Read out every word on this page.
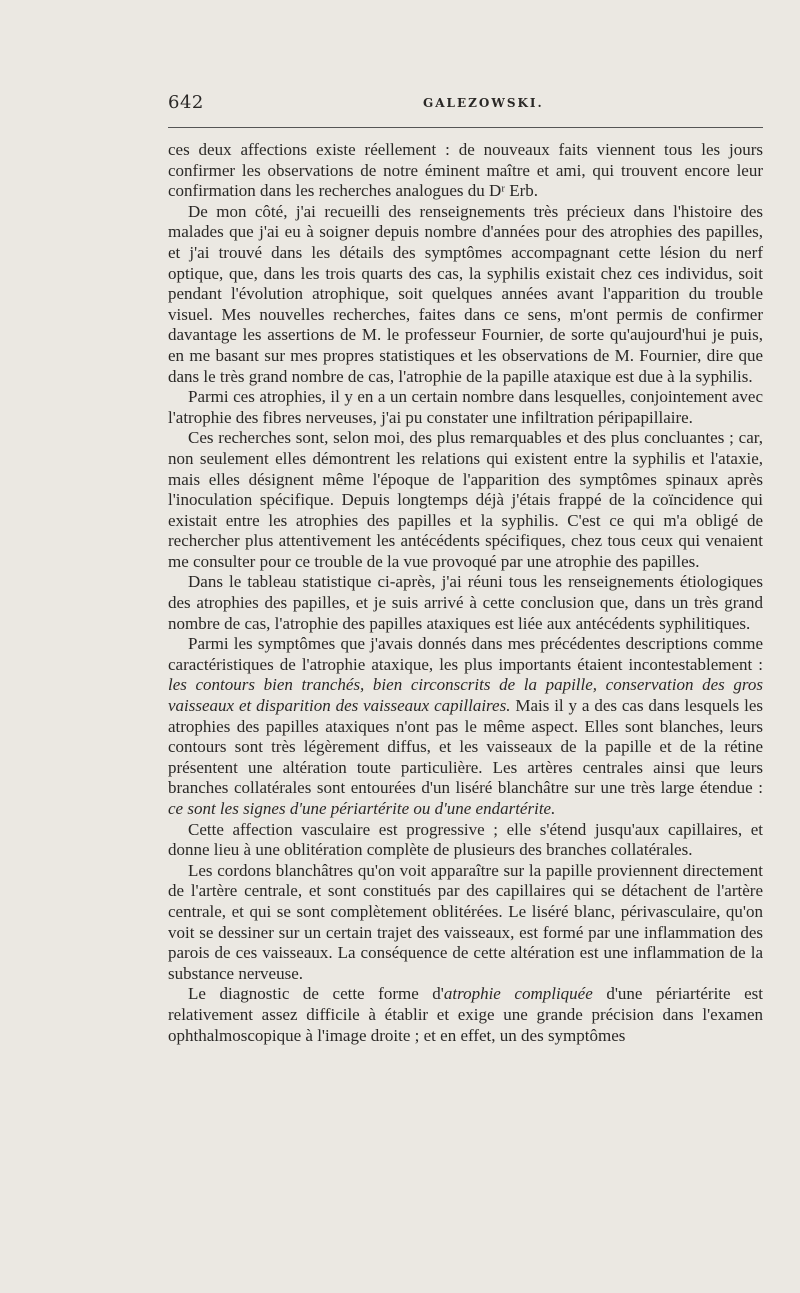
642	GALEZOWSKI.

ces deux affections existe réellement : de nouveaux faits viennent tous les jours confirmer les observations de notre éminent maître et ami, qui trouvent encore leur confirmation dans les recherches analogues du Dʳ Erb.

De mon côté, j'ai recueilli des renseignements très précieux dans l'histoire des malades que j'ai eu à soigner depuis nombre d'années pour des atrophies des papilles, et j'ai trouvé dans les détails des symptômes accompagnant cette lésion du nerf optique, que, dans les trois quarts des cas, la syphilis existait chez ces individus, soit pendant l'évolution atrophique, soit quelques années avant l'apparition du trouble visuel. Mes nouvelles recherches, faites dans ce sens, m'ont permis de confirmer davantage les assertions de M. le professeur Fournier, de sorte qu'aujourd'hui je puis, en me basant sur mes propres statistiques et les observations de M. Fournier, dire que dans le très grand nombre de cas, l'atrophie de la papille ataxique est due à la syphilis.

Parmi ces atrophies, il y en a un certain nombre dans lesquelles, conjointement avec l'atrophie des fibres nerveuses, j'ai pu constater une infiltration péripapillaire.

Ces recherches sont, selon moi, des plus remarquables et des plus concluantes ; car, non seulement elles démontrent les relations qui existent entre la syphilis et l'ataxie, mais elles désignent même l'époque de l'apparition des symptômes spinaux après l'inoculation spécifique. Depuis longtemps déjà j'étais frappé de la coïncidence qui existait entre les atrophies des papilles et la syphilis. C'est ce qui m'a obligé de rechercher plus attentivement les antécédents spécifiques, chez tous ceux qui venaient me consulter pour ce trouble de la vue provoqué par une atrophie des papilles.

Dans le tableau statistique ci-après, j'ai réuni tous les renseignements étiologiques des atrophies des papilles, et je suis arrivé à cette conclusion que, dans un très grand nombre de cas, l'atrophie des papilles ataxiques est liée aux antécédents syphilitiques.

Parmi les symptômes que j'avais donnés dans mes précédentes descriptions comme caractéristiques de l'atrophie ataxique, les plus importants étaient incontestablement : les contours bien tranchés, bien circonscrits de la papille, conservation des gros vaisseaux et disparition des vaisseaux capillaires. Mais il y a des cas dans lesquels les atrophies des papilles ataxiques n'ont pas le même aspect. Elles sont blanches, leurs contours sont très légèrement diffus, et les vaisseaux de la papille et de la rétine présentent une altération toute particulière. Les artères centrales ainsi que leurs branches collatérales sont entourées d'un liséré blanchâtre sur une très large étendue : ce sont les signes d'une périartérite ou d'une endartérite.

Cette affection vasculaire est progressive ; elle s'étend jusqu'aux capillaires, et donne lieu à une oblitération complète de plusieurs des branches collatérales.

Les cordons blanchâtres qu'on voit apparaître sur la papille proviennent directement de l'artère centrale, et sont constitués par des capillaires qui se détachent de l'artère centrale, et qui se sont complètement oblitérées. Le liséré blanc, périvasculaire, qu'on voit se dessiner sur un certain trajet des vaisseaux, est formé par une inflammation des parois de ces vaisseaux. La conséquence de cette altération est une inflammation de la substance nerveuse.

Le diagnostic de cette forme d'atrophie compliquée d'une périartérite est relativement assez difficile à établir et exige une grande précision dans l'examen ophthalmoscopique à l'image droite ; et en effet, un des symptômes
